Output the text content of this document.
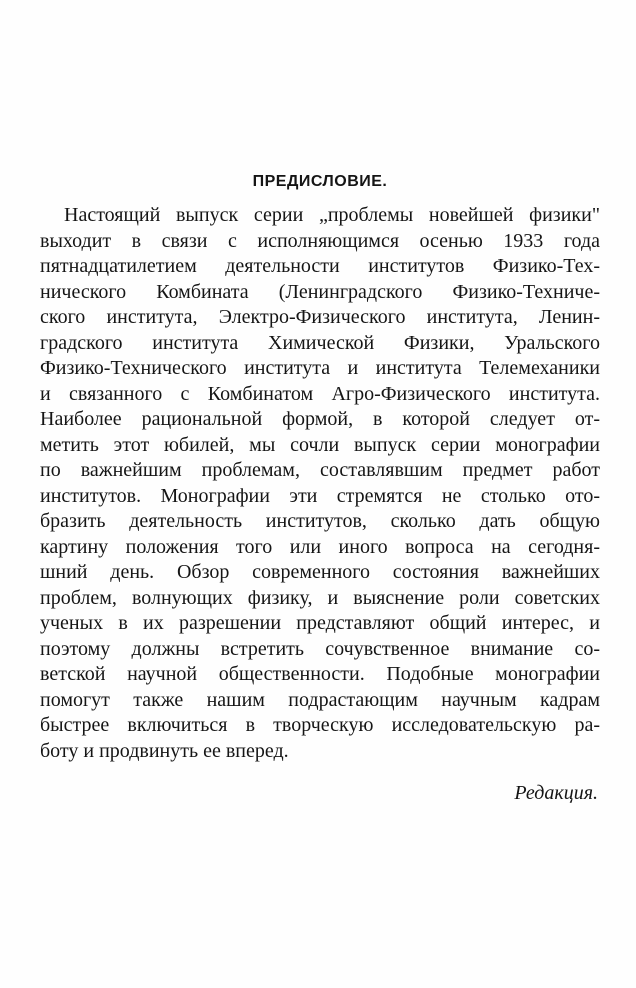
ПРЕДИСЛОВИЕ.
Настоящий выпуск серии „проблемы новейшей физики"
выходит в связи с исполняющимся осенью 1933 года
пятнадцатилетием деятельности институтов Физико-Тех-
нического Комбината (Ленинградского Физико-Техниче-
ского института, Электро-Физического института, Ленин-
градского института Химической Физики, Уральского
Физико-Технического института и института Телемеханики
и связанного с Комбинатом Агро-Физического института.
Наиболее рациональной формой, в которой следует от-
метить этот юбилей, мы сочли выпуск серии монографии
по важнейшим проблемам, составлявшим предмет работ
институтов. Монографии эти стремятся не столько ото-
бразить деятельность институтов, сколько дать общую
картину положения того или иного вопроса на сегодня-
шний день. Обзор современного состояния важнейших
проблем, волнующих физику, и выяснение роли советских
ученых в их разрешении представляют общий интерес, и
поэтому должны встретить сочувственное внимание со-
ветской научной общественности. Подобные монографии
помогут также нашим подрастающим научным кадрам
быстрее включиться в творческую исследовательскую ра-
боту и продвинуть ее вперед.
Редакция.
